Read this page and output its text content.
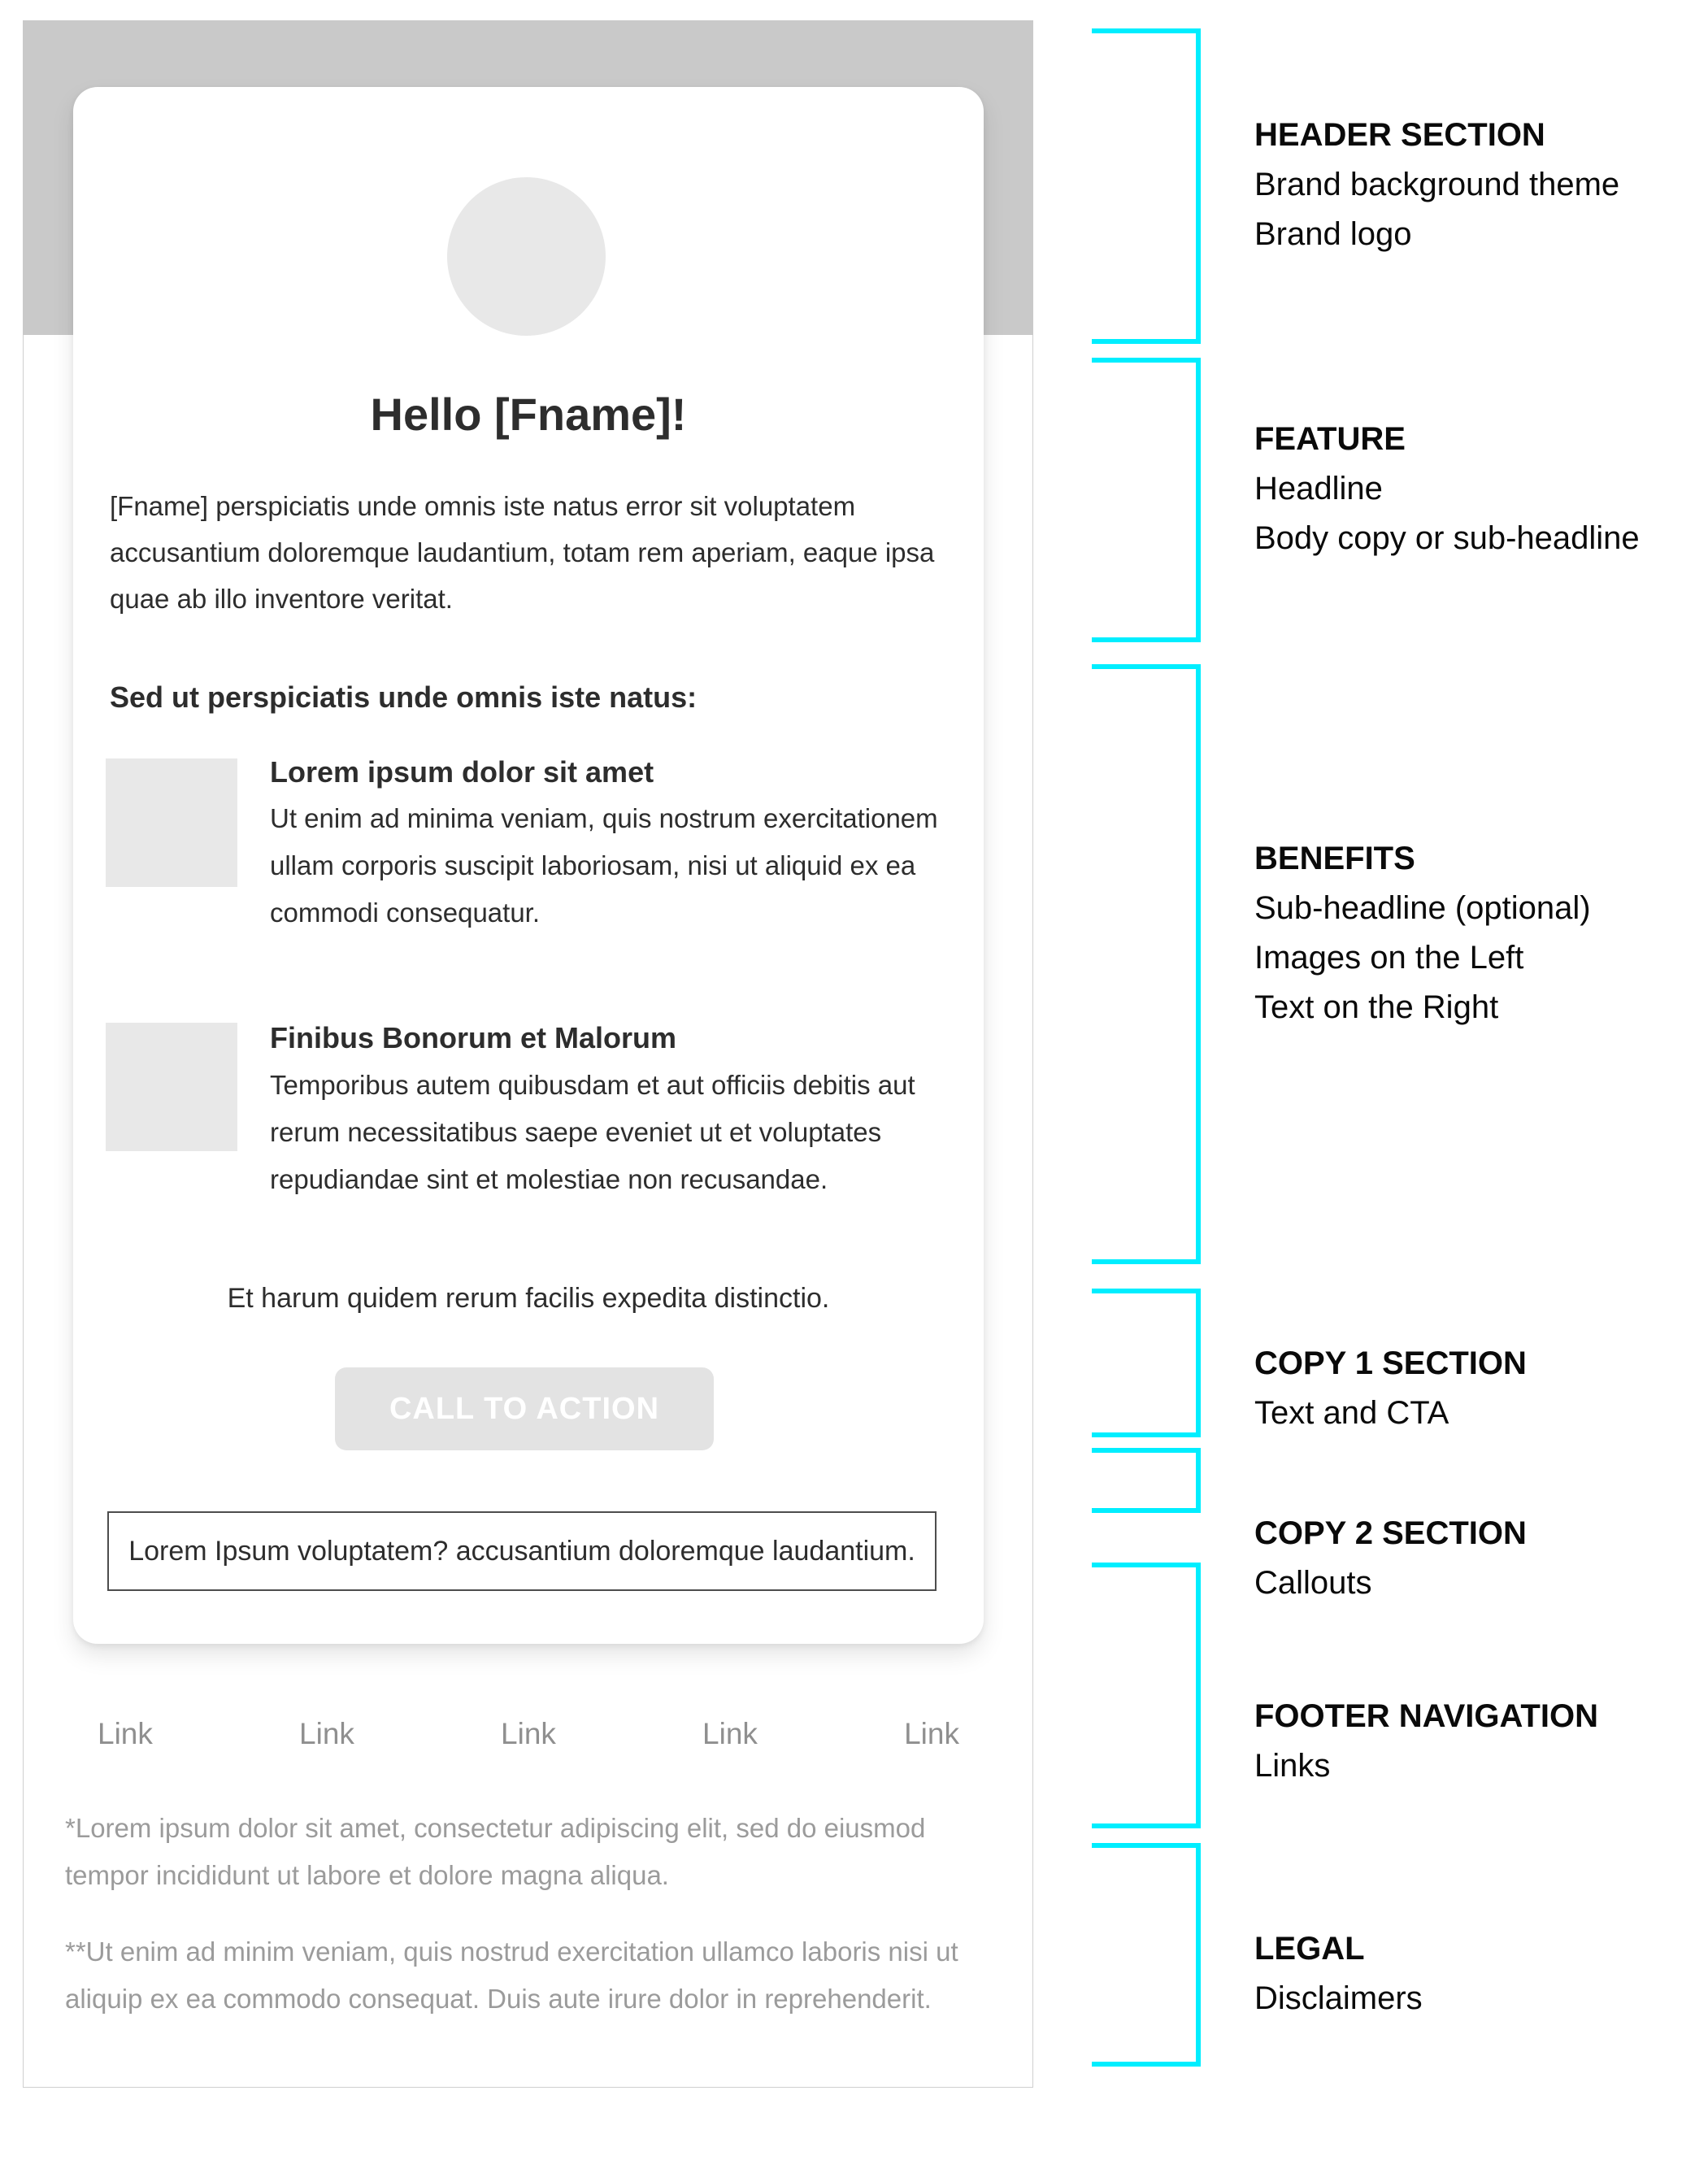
Hello [Fname]!
[Fname] perspiciatis unde omnis iste natus error sit voluptatem accusantium doloremque laudantium, totam rem aperiam, eaque ipsa quae ab illo inventore veritat.
Sed ut perspiciatis unde omnis iste natus:
Lorem ipsum dolor sit amet
Ut enim ad minima veniam, quis nostrum exercitationem ullam corporis suscipit laboriosam, nisi ut aliquid ex ea commodi consequatur.
Finibus Bonorum et Malorum
Temporibus autem quibusdam et aut officiis debitis aut rerum necessitatibus saepe eveniet ut et voluptates repudiandae sint et molestiae non recusandae.
Et harum quidem rerum facilis expedita distinctio.
CALL TO ACTION
Lorem Ipsum voluptatem? accusantium doloremque laudantium.
Link	Link	Link	Link	Link
*Lorem ipsum dolor sit amet, consectetur adipiscing elit, sed do eiusmod tempor incididunt ut labore et dolore magna aliqua.
**Ut enim ad minim veniam, quis nostrud exercitation ullamco laboris nisi ut aliquip ex ea commodo consequat. Duis aute irure dolor in reprehenderit.
HEADER SECTION

Brand background theme

Brand logo

FEATURE

Headline

Body copy or sub-headline

BENEFITS

Sub-headline (optional)

Images on the Left

Text on the Right

COPY 1 SECTION

Text and CTA

COPY 2 SECTION

Callouts

FOOTER NAVIGATION

Links

LEGAL

Disclaimers
